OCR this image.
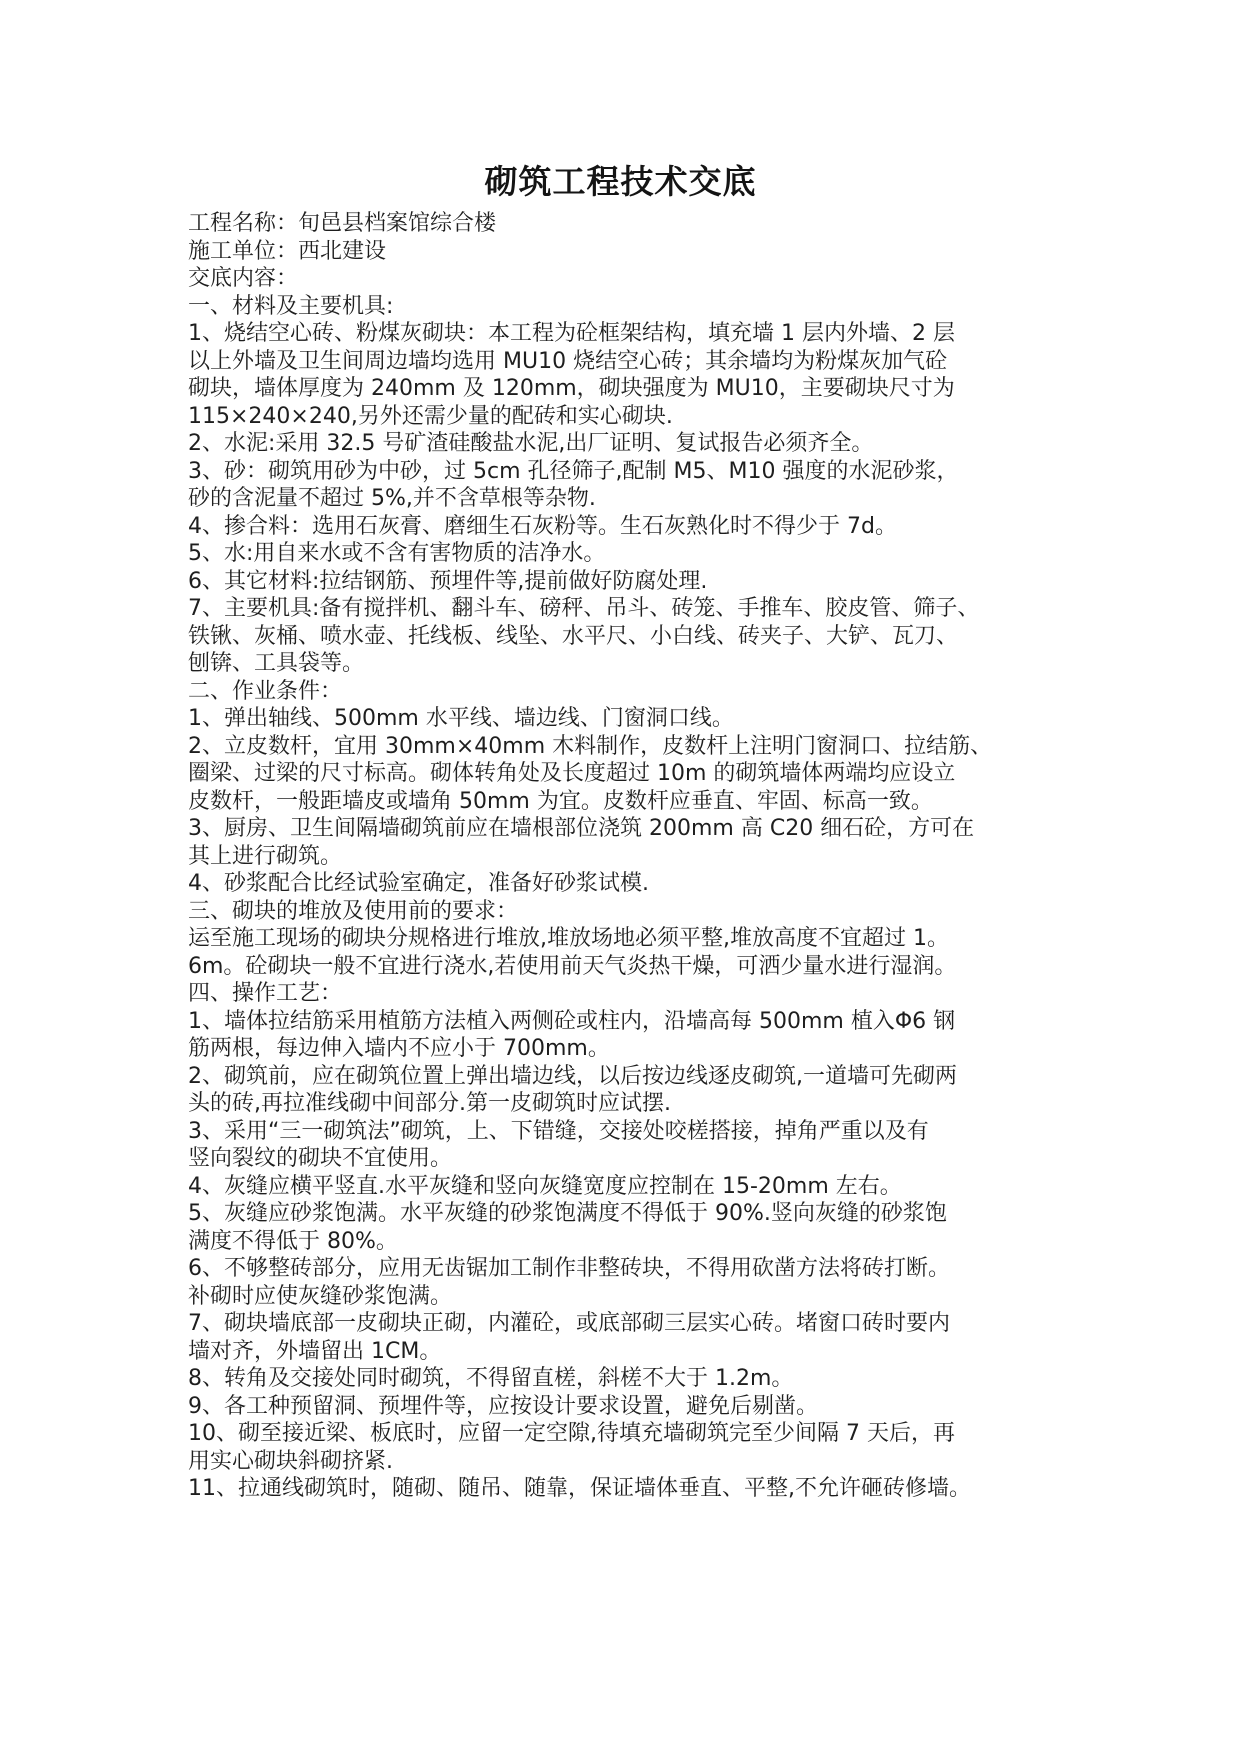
砌筑工程技术交底
工程名称：旬邑县档案馆综合楼
施工单位：西北建设
交底内容：
一、材料及主要机具:
1、烧结空心砖、粉煤灰砌块：本工程为砼框架结构，填充墙 1 层内外墙、2 层
以上外墙及卫生间周边墙均选用 MU10 烧结空心砖；其余墙均为粉煤灰加气砼
砌块，墙体厚度为 240mm 及 120mm，砌块强度为 MU10，主要砌块尺寸为
115×240×240,另外还需少量的配砖和实心砌块.
2、水泥:采用 32.5 号矿渣硅酸盐水泥,出厂证明、复试报告必须齐全。
3、砂：砌筑用砂为中砂，过 5cm 孔径筛子,配制 M5、M10 强度的水泥砂浆，
砂的含泥量不超过 5%,并不含草根等杂物.
4、掺合料：选用石灰膏、磨细生石灰粉等。生石灰熟化时不得少于 7d。
5、水:用自来水或不含有害物质的洁净水。
6、其它材料:拉结钢筋、预埋件等,提前做好防腐处理.
7、主要机具:备有搅拌机、翻斗车、磅秤、吊斗、砖笼、手推车、胶皮管、筛子、
铁锹、灰桶、喷水壶、托线板、线坠、水平尺、小白线、砖夹子、大铲、瓦刀、
刨锛、工具袋等。
二、作业条件：
1、弹出轴线、500mm 水平线、墙边线、门窗洞口线。
2、立皮数杆，宜用 30mm×40mm 木料制作，皮数杆上注明门窗洞口、拉结筋、
圈梁、过梁的尺寸标高。砌体转角处及长度超过 10m 的砌筑墙体两端均应设立
皮数杆，一般距墙皮或墙角 50mm 为宜。皮数杆应垂直、牢固、标高一致。
3、厨房、卫生间隔墙砌筑前应在墙根部位浇筑 200mm 高 C20 细石砼，方可在
其上进行砌筑。
4、砂浆配合比经试验室确定，准备好砂浆试模.
三、砌块的堆放及使用前的要求：
运至施工现场的砌块分规格进行堆放,堆放场地必须平整,堆放高度不宜超过 1。
6m。砼砌块一般不宜进行浇水,若使用前天气炎热干燥，可洒少量水进行湿润。
四、操作工艺：
1、墙体拉结筋采用植筋方法植入两侧砼或柱内，沿墙高每 500mm 植入Φ6 钢
筋两根，每边伸入墙内不应小于 700mm。
2、砌筑前，应在砌筑位置上弹出墙边线，以后按边线逐皮砌筑,一道墙可先砌两
头的砖,再拉准线砌中间部分.第一皮砌筑时应试摆.
3、采用“三一砌筑法”砌筑，上、下错缝，交接处咬槎搭接，掉角严重以及有
竖向裂纹的砌块不宜使用。
4、灰缝应横平竖直.水平灰缝和竖向灰缝宽度应控制在 15-20mm 左右。
5、灰缝应砂浆饱满。水平灰缝的砂浆饱满度不得低于 90%.竖向灰缝的砂浆饱
满度不得低于 80%。
6、不够整砖部分，应用无齿锯加工制作非整砖块，不得用砍凿方法将砖打断。
补砌时应使灰缝砂浆饱满。
7、砌块墙底部一皮砌块正砌，内灌砼，或底部砌三层实心砖。堵窗口砖时要内
墙对齐，外墙留出 1CM。
8、转角及交接处同时砌筑，不得留直槎，斜槎不大于 1.2m。
9、各工种预留洞、预埋件等，应按设计要求设置，避免后剔凿。
10、砌至接近梁、板底时，应留一定空隙,待填充墙砌筑完至少间隔 7 天后，再
用实心砌块斜砌挤紧.
11、拉通线砌筑时，随砌、随吊、随靠，保证墙体垂直、平整,不允许砸砖修墙。
